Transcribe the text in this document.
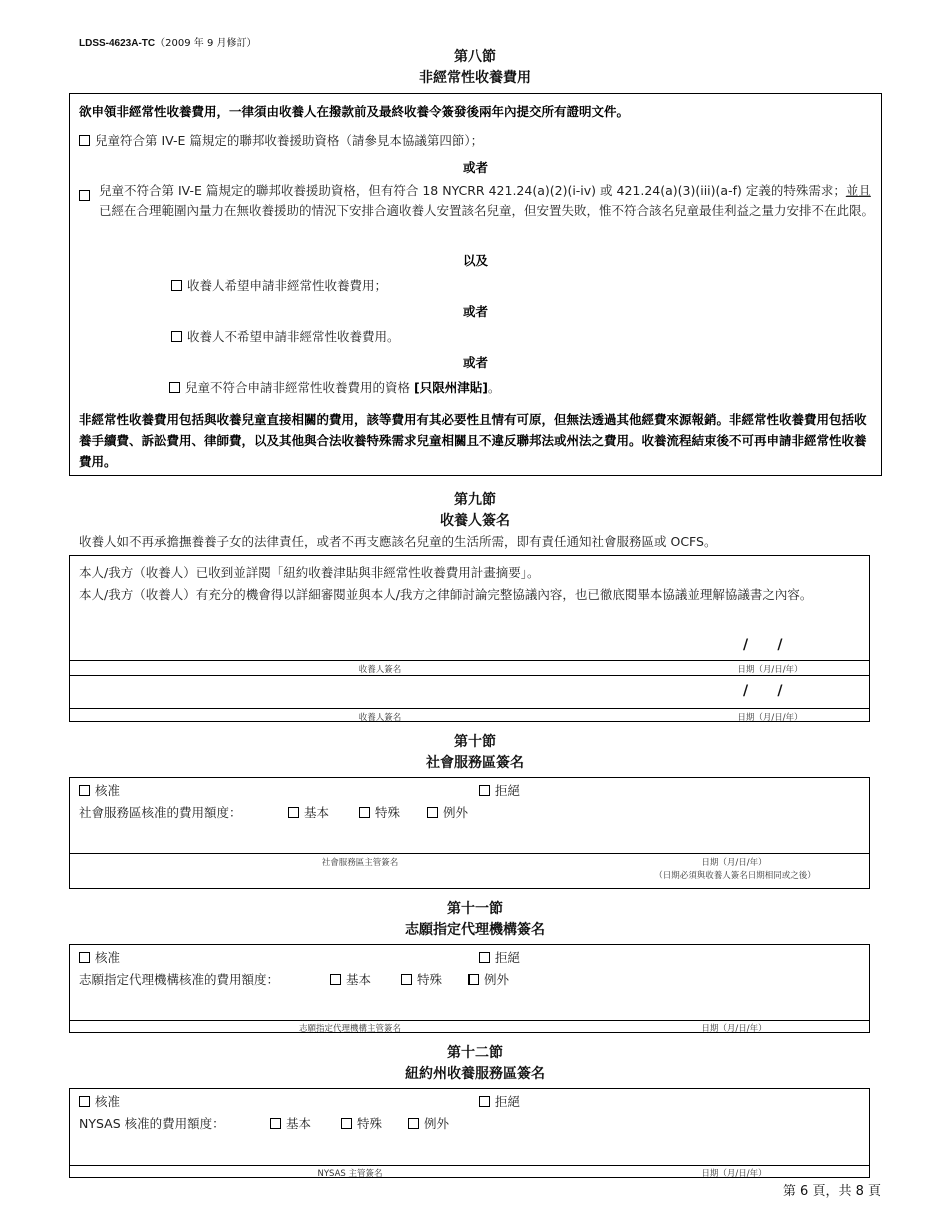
LDSS-4623A-TC（2009 年 9 月修訂）
第八節
非經常性收養費用
欲申領非經常性收養費用，一律須由收養人在撥款前及最終收養令簽發後兩年內提交所有證明文件。
兒童符合第 IV-E 篇規定的聯邦收養援助資格（請參見本協議第四節）；
或者
兒童不符合第 IV-E 篇規定的聯邦收養援助資格，但有符合 18 NYCRR 421.24(a)(2)(i-iv) 或 421.24(a)(3)(iii)(a-f) 定義的特殊需求；並且已經在合理範圍內量力在無收養援助的情況下安排合適收養人安置該名兒童，但安置失敗，惟不符合該名兒童最佳利益之量力安排不在此限。
以及
收養人希望申請非經常性收養費用；
或者
收養人不希望申請非經常性收養費用。
或者
兒童不符合申請非經常性收養費用的資格 [只限州津貼]。
非經常性收養費用包括與收養兒童直接相關的費用，該等費用有其必要性且情有可原，但無法透過其他經費來源報銷。非經常性收養費用包括收養手續費、訴訟費用、律師費，以及其他與合法收養特殊需求兒童相關且不違反聯邦法或州法之費用。收養流程結束後不可再申請非經常性收養費用。
第九節
收養人簽名
收養人如不再承擔撫養養子女的法律責任，或者不再支應該名兒童的生活所需，即有責任通知社會服務區或 OCFS。
本人/我方（收養人）已收到並詳閱「紐約收養津貼與非經常性收養費用計畫摘要」。
本人/我方（收養人）有充分的機會得以詳細審閱並與本人/我方之律師討論完整協議內容，也已徹底閱畢本協議並理解協議書之內容。
/      /
收養人簽名	日期（月/日/年）
/      /
收養人簽名	日期（月/日/年）
第十節
社會服務區簽名
核准	拒絕
社會服務區核准的費用額度：	基本	特殊	例外
社會服務區主管簽名	日期（月/日/年）
（日期必須與收養人簽名日期相同或之後）
第十一節
志願指定代理機構簽名
核准	拒絕
志願指定代理機構核准的費用額度：	基本	特殊	例外
志願指定代理機構主管簽名	日期（月/日/年）
第十二節
紐約州收養服務區簽名
核准	拒絕
NYSAS 核准的費用額度：	基本	特殊	例外
NYSAS 主管簽名	日期（月/日/年）
第 6 頁，共 8 頁
